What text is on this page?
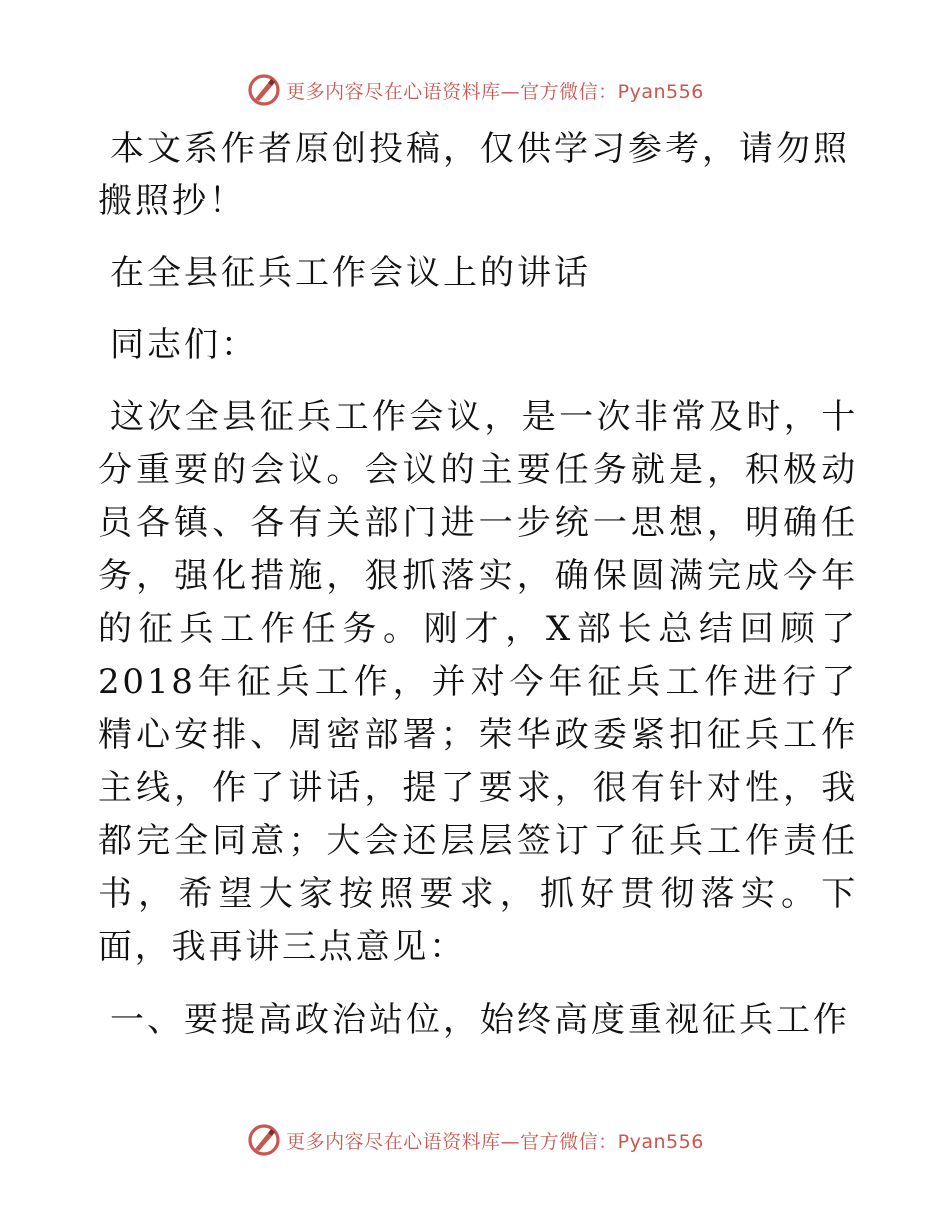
更多内容尽在心语资料库—官方微信：Pyan556

本文系作者原创投稿，仅供学习参考，请勿照搬照抄！

在全县征兵工作会议上的讲话

同志们：

这次全县征兵工作会议，是一次非常及时，十分重要的会议。会议的主要任务就是，积极动员各镇、各有关部门进一步统一思想，明确任务，强化措施，狠抓落实，确保圆满完成今年的征兵工作任务。刚才，X部长总结回顾了2018年征兵工作，并对今年征兵工作进行了精心安排、周密部署；荣华政委紧扣征兵工作主线，作了讲话，提了要求，很有针对性，我都完全同意；大会还层层签订了征兵工作责任书，希望大家按照要求，抓好贯彻落实。下面，我再讲三点意见：

一、要提高政治站位，始终高度重视征兵工作

更多内容尽在心语资料库—官方微信：Pyan556
